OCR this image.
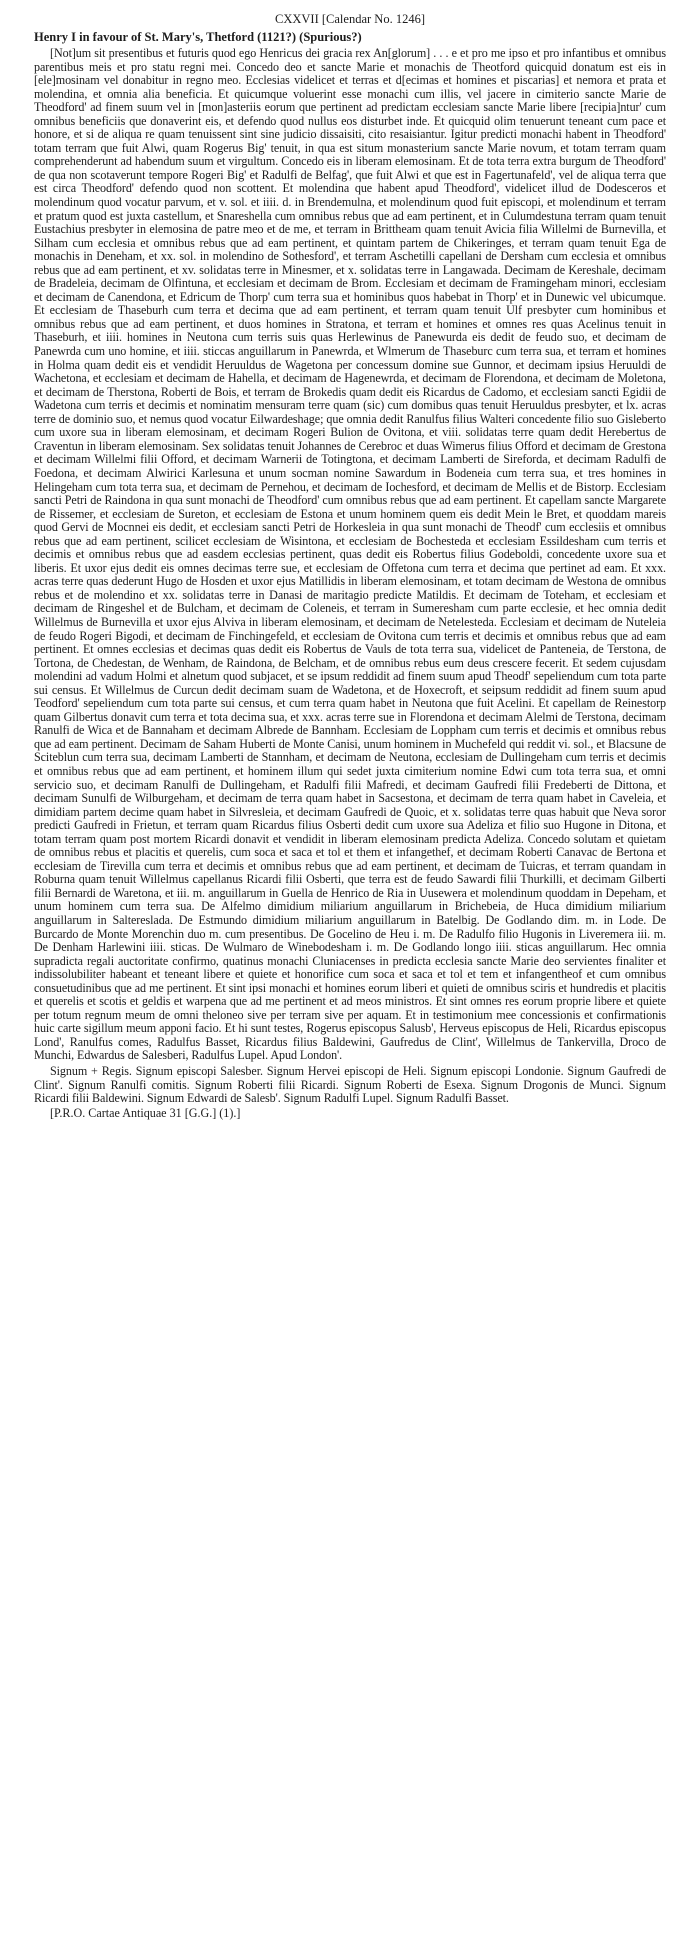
CXXVII [Calendar No. 1246]
Henry I in favour of St. Mary's, Thetford (1121?) (Spurious?)

[Not]um sit presentibus et futuris quod ego Henricus dei gracia rex An[glorum] . . . e et pro me ipso et pro infantibus et omnibus parentibus meis et pro statu regni mei. Concedo deo et sancte Marie et monachis de Theotford quicquid donatum est eis in [ele]mosinam vel donabitur in regno meo. Ecclesias videlicet et terras et d[ecimas et homines et piscarias] et nemora et prata et molendina, et omnia alia beneficia. Et quicumque voluerint esse monachi cum illis, vel jacere in cimiterio sancte Marie de Theodford' ad finem suum vel in [mon]asteriis eorum que pertinent ad predictam ecclesiam sancte Marie libere [recipia]ntur' cum omnibus beneficiis que donaverint eis, et defendo quod nullus eos disturbet inde. Et quicquid olim tenuerunt teneant cum pace et honore, et si de aliqua re quam tenuissent sint sine judicio dissaisiti, cito resaisiantur. Igitur predicti monachi habent in Theodford' totam terram que fuit Alwi, quam Rogerus Big' tenuit, in qua est situm monasterium sancte Marie novum, et totam terram quam comprehenderunt ad habendum suum et virgultum. Concedo eis in liberam elemosinam. Et de tota terra extra burgum de Theodford' de qua non scotaverunt tempore Rogeri Big' et Radulfi de Belfag', que fuit Alwi et que est in Fagertunafeld', vel de aliqua terra que est circa Theodford' defendo quod non scottent. Et molendina que habent apud Theodford', videlicet illud de Dodesceros et molendinum quod vocatur parvum, et v. sol. et iiii. d. in Brendemulna, et molendinum quod fuit episcopi, et molendinum et terram et pratum quod est juxta castellum, et Snareshella cum omnibus rebus que ad eam pertinent, et in Culumdestuna terram quam tenuit Eustachius presbyter in elemosina de patre meo et de me, et terram in Brittheam quam tenuit Avicia filia Willelmi de Burnevilla, et Silham cum ecclesia et omnibus rebus que ad eam pertinent, et quintam partem de Chikeringes, et terram quam tenuit Ega de monachis in Deneham, et xx. sol. in molendino de Sothesford', et terram Aschetilli capellani de Dersham cum ecclesia et omnibus rebus que ad eam pertinent, et xv. solidatas terre in Minesmer, et x. solidatas terre in Langawada. Decimam de Kereshale, decimam de Bradeleia, decimam de Olfintuna, et ecclesiam et decimam de Brom. Ecclesiam et decimam de Framingeham minori, ecclesiam et decimam de Canendona, et Edricum de Thorp' cum terra sua et hominibus quos habebat in Thorp' et in Dunewic vel ubicumque. Et ecclesiam de Thaseburh cum terra et decima que ad eam pertinent, et terram quam tenuit Ulf presbyter cum hominibus et omnibus rebus que ad eam pertinent, et duos homines in Stratona, et terram et homines et omnes res quas Acelinus tenuit in Thaseburh, et iiii. homines in Neutona cum terris suis quas Herlewinus de Panewurda eis dedit de feudo suo, et decimam de Panewrda cum uno homine, et iiii. sticcas anguillarum in Panewrda, et Wlmerum de Thaseburc cum terra sua, et terram et homines in Holma quam dedit eis et vendidit Heruuldus de Wagetona per concessum domine sue Gunnor, et decimam ipsius Heruuldi de Wachetona, et ecclesiam et decimam de Hahella, et decimam de Hagenewrda, et decimam de Florendona, et decimam de Moletona, et decimam de Therstona, Roberti de Bois, et terram de Brokedis quam dedit eis Ricardus de Cadomo, et ecclesiam sancti Egidii de Wadetona cum terris et decimis et nominatim mensuram terre quam (sic) cum domibus quas tenuit Heruuldus presbyter, et lx. acras terre de dominio suo, et nemus quod vocatur Eilwardeshage; que omnia dedit Ranulfus filius Walteri concedente filio suo Gisleberto cum uxore sua in liberam elemosinam, et decimam Rogeri Bulion de Ovitona, et viii. solidatas terre quam dedit Herebertus de Craventun in liberam elemosinam. Sex solidatas tenuit Johannes de Cerebroc et duas Wimerus filius Offord et decimam de Grestona et decimam Willelmi filii Offord, et decimam Warnerii de Totingtona, et decimam Lamberti de Sireforda, et decimam Radulfi de Foedona, et decimam Alwirici Karlesuna et unum socman nomine Sawardum in Bodeneia cum terra sua, et tres homines in Helingeham cum tota terra sua, et decimam de Pernehou, et decimam de Iochesford, et decimam de Mellis et de Bistorp. Ecclesiam sancti Petri de Raindona in qua sunt monachi de Theodford' cum omnibus rebus que ad eam pertinent. Et capellam sancte Margarete de Rissemer, et ecclesiam de Sureton, et ecclesiam de Estona et unum hominem quem eis dedit Mein le Bret, et quoddam mareis quod Gervi de Mocnnei eis dedit, et ecclesiam sancti Petri de Horkesleia in qua sunt monachi de Theodf' cum ecclesiis et omnibus rebus que ad eam pertinent, scilicet ecclesiam de Wisintona, et ecclesiam de Bochesteda et ecclesiam Essildesham cum terris et decimis et omnibus rebus que ad easdem ecclesias pertinent, quas dedit eis Robertus filius Godeboldi, concedente uxore sua et liberis. Et uxor ejus dedit eis omnes decimas terre sue, et ecclesiam de Offetona cum terra et decima que pertinet ad eam. Et xxx. acras terre quas dederunt Hugo de Hosden et uxor ejus Matillidis in liberam elemosinam, et totam decimam de Westona de omnibus rebus et de molendino et xx. solidatas terre in Danasi de maritagio predicte Matildis. Et decimam de Toteham, et ecclesiam et decimam de Ringeshel et de Bulcham, et decimam de Coleneis, et terram in Sumeresham cum parte ecclesie, et hec omnia dedit Willelmus de Burnevilla et uxor ejus Alviva in liberam elemosinam, et decimam de Netelesteda. Ecclesiam et decimam de Nuteleia de feudo Rogeri Bigodi, et decimam de Finchingefeld, et ecclesiam de Ovitona cum terris et decimis et omnibus rebus que ad eam pertinent. Et omnes ecclesias et decimas quas dedit eis Robertus de Vauls de tota terra sua, videlicet de Panteneia, de Terstona, de Tortona, de Chedestan, de Wenham, de Raindona, de Belcham, et de omnibus rebus eum deus crescere fecerit. Et sedem cujusdam molendini ad vadum Holmi et alnetum quod subjacet, et se ipsum reddidit ad finem suum apud Theodf' sepeliendum cum tota parte sui census. Et Willelmus de Curcun dedit decimam suam de Wadetona, et de Hoxecroft, et seipsum reddidit ad finem suum apud Teodford' sepeliendum cum tota parte sui census, et cum terra quam habet in Neutona que fuit Acelini. Et capellam de Reinestorp quam Gilbertus donavit cum terra et tota decima sua, et xxx. acras terre sue in Florendona et decimam Alelmi de Terstona, decimam Ranulfi de Wica et de Bannaham et decimam Albrede de Bannham. Ecclesiam de Loppham cum terris et decimis et omnibus rebus que ad eam pertinent. Decimam de Saham Huberti de Monte Canisi, unum hominem in Muchefeld qui reddit vi. sol., et Blacsune de Sciteblun cum terra sua, decimam Lamberti de Stannham, et decimam de Neutona, ecclesiam de Dullingeham cum terris et decimis et omnibus rebus que ad eam pertinent, et hominem illum qui sedet juxta cimiterium nomine Edwi cum tota terra sua, et omni servicio suo, et decimam Ranulfi de Dullingeham, et Radulfi filii Mafredi, et decimam Gaufredi filii Fredeberti de Dittona, et decimam Sunulfi de Wilburgeham, et decimam de terra quam habet in Sacsestona, et decimam de terra quam habet in Caveleia, et dimidiam partem decime quam habet in Silvresleia, et decimam Gaufredi de Quoic, et x. solidatas terre quas habuit que Neva soror predicti Gaufredi in Frietun, et terram quam Ricardus filius Osberti dedit cum uxore sua Adeliza et filio suo Hugone in Ditona, et totam terram quam post mortem Ricardi donavit et vendidit in liberam elemosinam predicta Adeliza. Concedo solutam et quietam de omnibus rebus et placitis et querelis, cum soca et saca et tol et them et infangethef, et decimam Roberti Canavac de Bertona et ecclesiam de Tirevilla cum terra et decimis et omnibus rebus que ad eam pertinent, et decimam de Tuicras, et terram quandam in Roburna quam tenuit Willelmus capellanus Ricardi filii Osberti, que terra est de feudo Sawardi filii Thurkilli, et decimam Gilberti filii Bernardi de Waretona, et iii. m. anguillarum in Guella de Henrico de Ria in Uusewera et molendinum quoddam in Depeham, et unum hominem cum terra sua. De Alfelmo dimidium miliarium anguillarum in Brichebeia, de Huca dimidium miliarium anguillarum in Saltereslada. De Estmundo dimidium miliarium anguillarum in Batelbig. De Godlando dim. m. in Lode. De Burcardo de Monte Morenchin duo m. cum presentibus. De Gocelino de Heu i. m. De Radulfo filio Hugonis in Liveremera iii. m. De Denham Harlewini iiii. sticas. De Wulmaro de Winebodesham i. m. De Godlando longo iiii. sticas anguillarum. Hec omnia supradicta regali auctoritate confirmo, quatinus monachi Cluniacenses in predicta ecclesia sancte Marie deo servientes finaliter et indissolubiliter habeant et teneant libere et quiete et honorifice cum soca et saca et tol et tem et infangentheof et cum omnibus consuetudinibus que ad me pertinent. Et sint ipsi monachi et homines eorum liberi et quieti de omnibus sciris et hundredis et placitis et querelis et scotis et geldis et warpena que ad me pertinent et ad meos ministros. Et sint omnes res eorum proprie libere et quiete per totum regnum meum de omni theloneo sive per terram sive per aquam. Et in testimonium mee concessionis et confirmationis huic carte sigillum meum apponi facio. Et hi sunt testes, Rogerus episcopus Salusb', Herveus episcopus de Heli, Ricardus episcopus Lond', Ranulfus comes, Radulfus Basset, Ricardus filius Baldewini, Gaufredus de Clint', Willelmus de Tankervilla, Droco de Munchi, Edwardus de Salesberi, Radulfus Lupel. Apud London'.

Signum + Regis. Signum episcopi Salesber. Signum Hervei episcopi de Heli. Signum episcopi Londonie. Signum Gaufredi de Clint'. Signum Ranulfi comitis. Signum Roberti filii Ricardi. Signum Roberti de Esexa. Signum Drogonis de Munci. Signum Ricardi filii Baldewini. Signum Edwardi de Salesb'. Signum Radulfi Lupel. Signum Radulfi Basset.

[P.R.O. Cartae Antiquae 31 [G.G.] (1).]
